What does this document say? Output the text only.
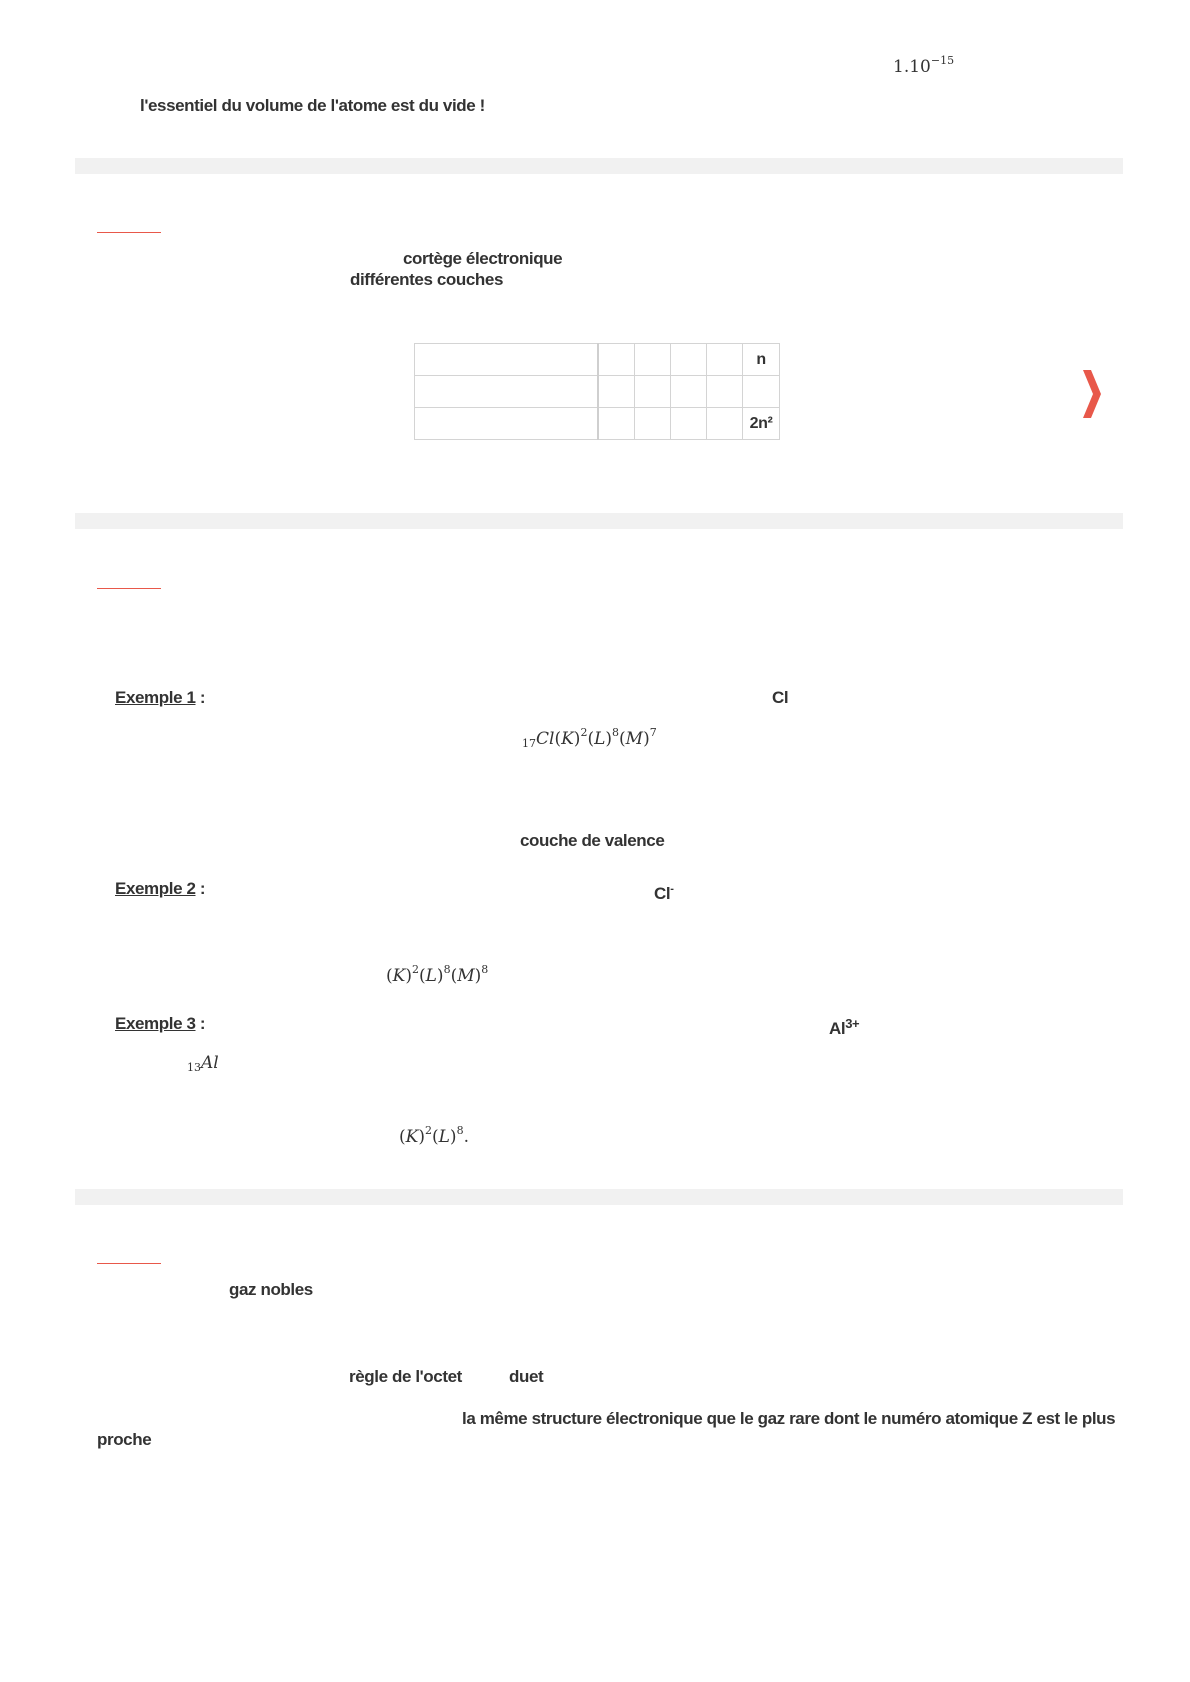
$1.10^{-15}$
l'essentiel du volume de l'atome est du vide !
cortège électronique
différentes couches
					n

					2n²
Exemple 1 :	Cl
$_{17}Cl(K)^2(L)^8(M)^7$
couche de valence
Exemple 2 :	Cl-
$(K)^2(L)^8(M)^8$
Exemple 3 :	$Al^{3+}$
$_{13}$Al
$(K)^2(L)^8$.
gaz nobles
règle de l'octet	duet
la même structure électronique que le gaz rare dont le numéro atomique Z est le plus
proche
